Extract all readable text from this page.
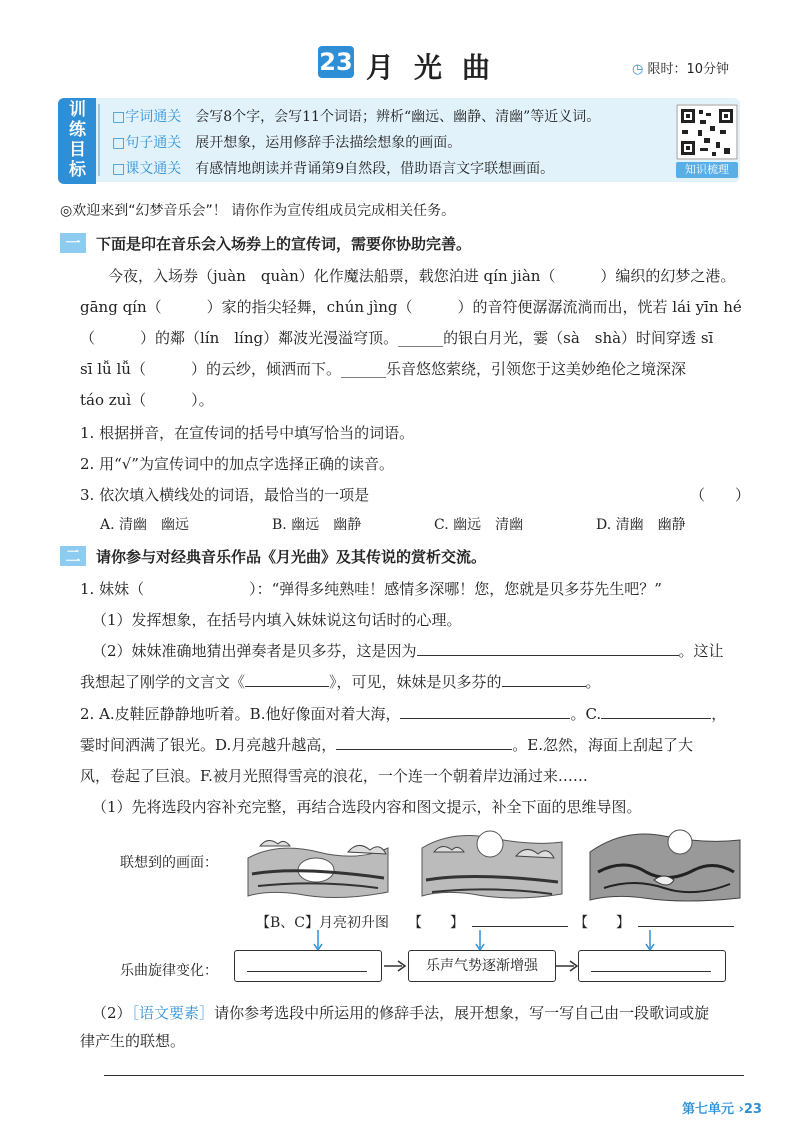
23 月光曲	◷ 限时：10分钟
训练目标
□字词通关　 会写8个字，会写11个词语；辨析“幽远、幽静、清幽”等近义词。
□句子通关　 展开想象，运用修辞手法描绘想象的画面。
□课文通关　 有感情地朗读并背诵第9自然段，借助语言文字联想画面。	知识梳理
◎欢迎来到“幻梦音乐会”！ 请你作为宣传组成员完成相关任务。
一	下面是印在音乐会入场券上的宣传词，需要你协助完善。
今夜，入场券（juàn　quàn）化作魔法船票，载您泊进 qín jiàn（　　　）编织的幻梦之港。
gāng qín（　　　）家的指尖轻舞，chún jìng（　　　）的音符便潺潺流淌而出，恍若 lái yīn hé
（　　　）的鄰（lín　líng）鄰波光漫溢穹顶。______的银白月光，霎（sà　shà）时间穿透 sī
sī lǚ lǚ（　　　）的云纱，倾洒而下。______乐音悠悠萦绕，引领您于这美妙绝伦之境深深
táo zuì（　　　）。
1. 根据拼音，在宣传词的括号中填写恰当的词语。
2. 用“√”为宣传词中的加点字选择正确的读音。
3. 依次填入横线处的词语，最恰当的一项是	（　　）
A. 清幽　幽远	B. 幽远　幽静	C. 幽远　清幽	D. 清幽　幽静
二	请你参与对经典音乐作品《月光曲》及其传说的赏析交流。
1. 妹妹（　　　　　　　）：“弹得多纯熟哇！感情多深哪！您，您就是贝多芬先生吧？”
（1）发挥想象，在括号内填入妹妹说这句话时的心理。
（2）妹妹准确地猜出弹奏者是贝多芬，这是因为	。这让
我想起了刚学的文言文《	》，可见，妹妹是贝多芬的	。
2. A.皮鞋匠静静地听着。B.他好像面对着大海，	。C.	，
霎时间洒满了银光。D.月亮越升越高，	。E.忽然，海面上刮起了大
风，卷起了巨浪。F.被月光照得雪亮的浪花，一个连一个朝着岸边涌过来……
（1）先将选段内容补充完整，再结合选段内容和图文提示，补全下面的思维导图。
联想到的画面：
【B、C】月亮初升图 【　　】	【　　】
乐曲旋律变化：	乐声气势逐渐增强
（2）［语文要素］请你参考选段中所运用的修辞手法，展开想象，写一写自己由一段歌词或旋
律产生的联想。
第七单元 ›23
